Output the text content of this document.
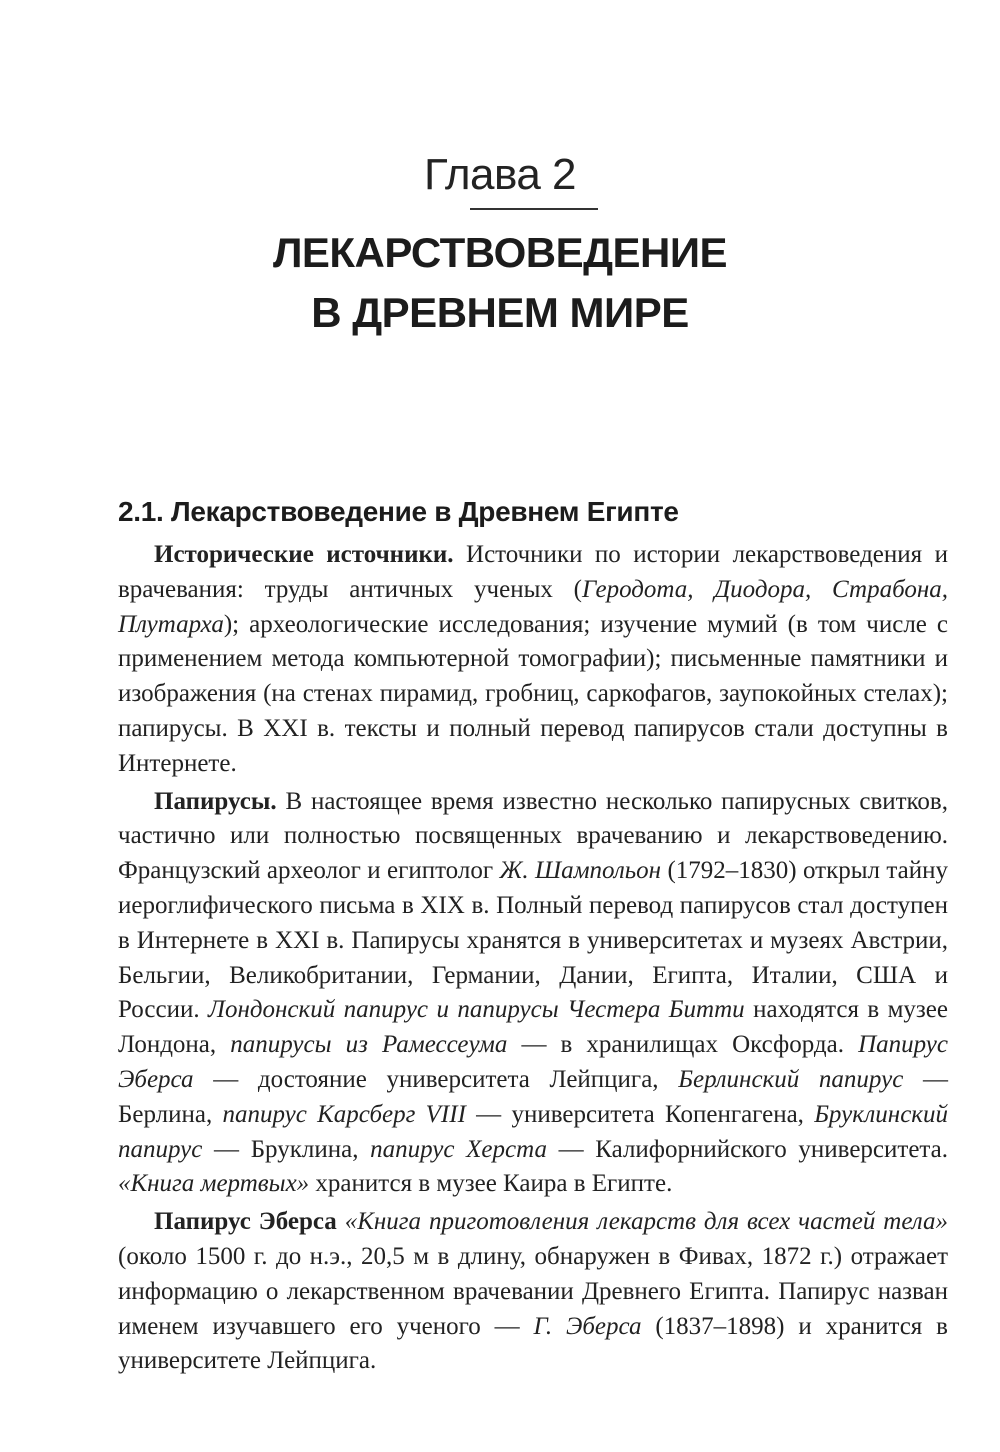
Глава 2
ЛЕКАРСТВОВЕДЕНИЕ
В ДРЕВНЕМ МИРЕ
2.1. Лекарствоведение в Древнем Египте

Исторические источники. Источники по истории лекарствоведения и врачевания: труды античных ученых (Геродота, Диодора, Страбона, Плутарха); археологические исследования; изучение мумий (в том числе с применением метода компьютерной томографии); письменные памятники и изображения (на стенах пирамид, гробниц, саркофагов, заупокойных стелах); папирусы. В XXI в. тексты и полный перевод папирусов стали доступны в Интернете.

Папирусы. В настоящее время известно несколько папирусных свитков, частично или полностью посвященных врачеванию и лекарствоведению. Французский археолог и египтолог Ж. Шампольон (1792–1830) открыл тайну иероглифического письма в XIX в. Полный перевод папирусов стал доступен в Интернете в XXI в. Папирусы хранятся в университетах и музеях Австрии, Бельгии, Великобритании, Германии, Дании, Египта, Италии, США и России. Лондонский папирус и папирусы Честера Битти находятся в музее Лондона, папирусы из Рамессеума — в хранилищах Оксфорда. Папирус Эберса — достояние университета Лейпцига, Берлинский папирус — Берлина, папирус Карсберг VIII — университета Копенгагена, Бруклинский папирус — Бруклина, папирус Херста — Калифорнийского университета. «Книга мертвых» хранится в музее Каира в Египте.

Папирус Эберса «Книга приготовления лекарств для всех частей тела» (около 1500 г. до н.э., 20,5 м в длину, обнаружен в Фивах, 1872 г.) отражает информацию о лекарственном врачевании Древнего Египта. Папирус назван именем изучавшего его ученого — Г. Эберса (1837–1898) и хранится в университете Лейпцига.
